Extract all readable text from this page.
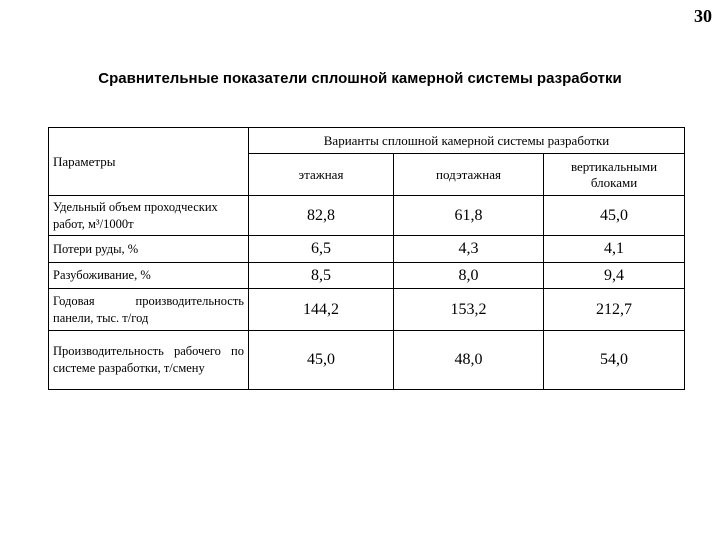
30
Сравнительные показатели сплошной камерной системы разработки
Параметры	Варианты сплошной камерной системы разработки		
	этажная	подэтажная	вертикальными блоками
Удельный объем проходческих работ, м³/1000т	82,8	61,8	45,0
Потери руды, %	6,5	4,3	4,1
Разубоживание, %	8,5	8,0	9,4
Годовая производительность панели, тыс. т/год	144,2	153,2	212,7
Производительность рабочего по системе разработки, т/смену	45,0	48,0	54,0
